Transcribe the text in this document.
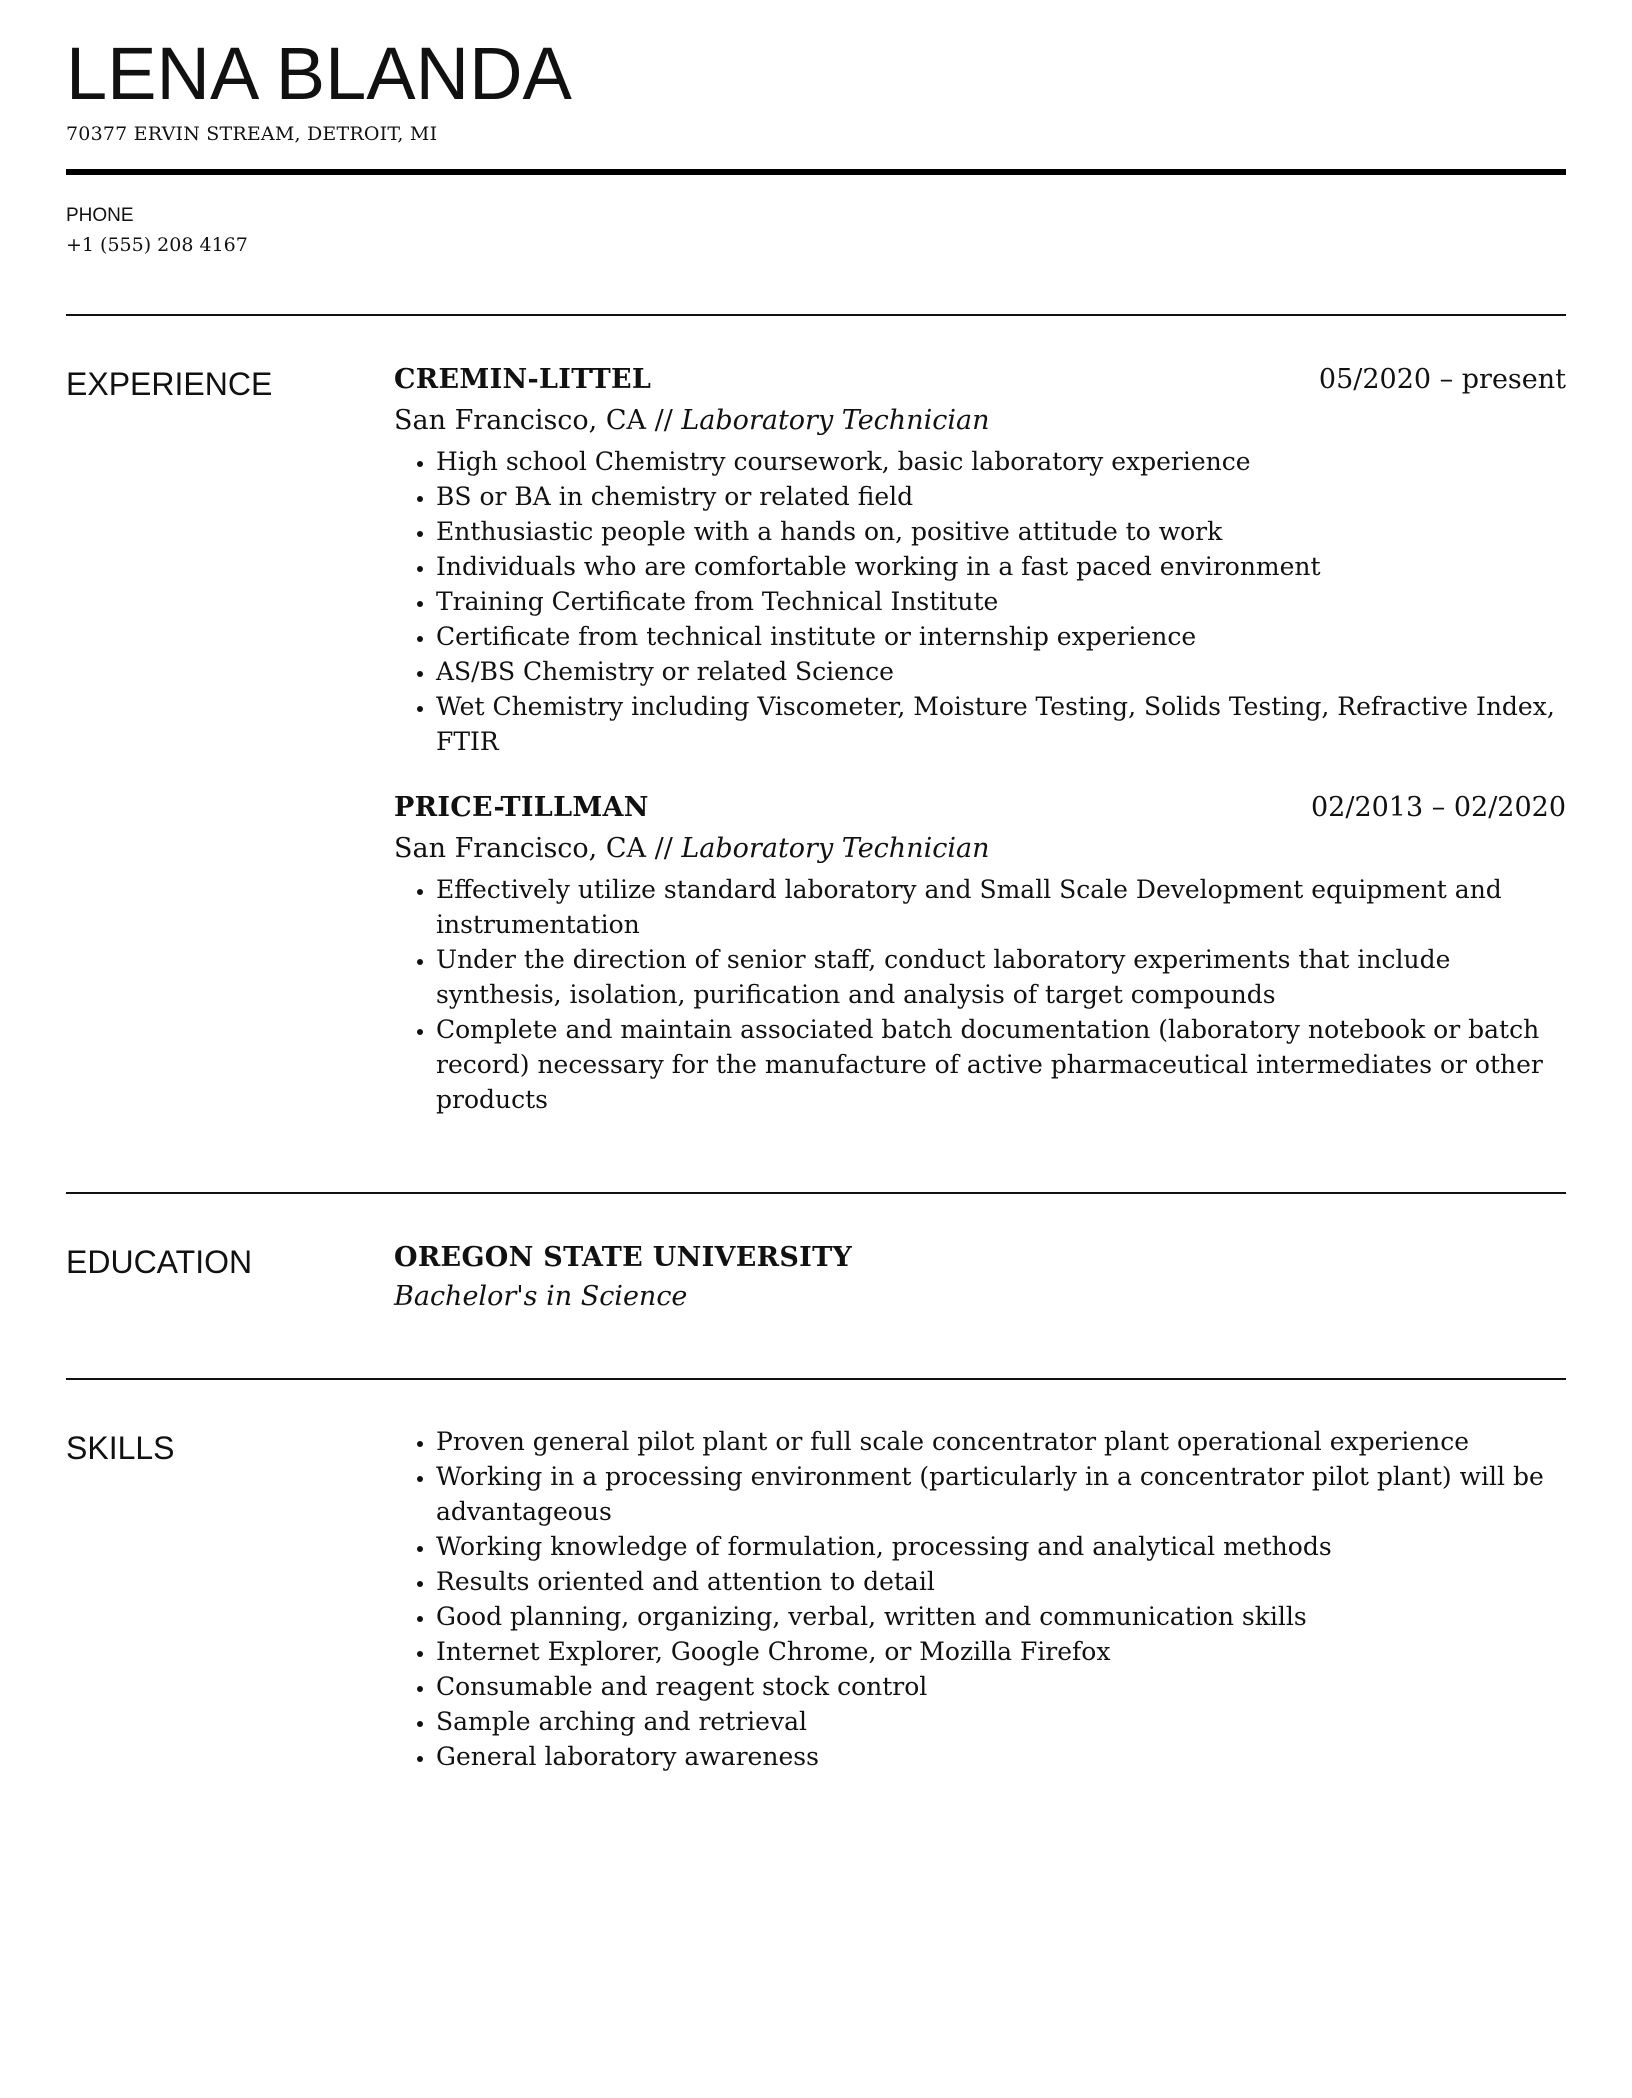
LENA BLANDA
70377 ERVIN STREAM, DETROIT, MI
PHONE
+1 (555) 208 4167
EXPERIENCE	CREMIN-LITTEL	05/2020 – present
San Francisco, CA // Laboratory Technician
• High school Chemistry coursework, basic laboratory experience
• BS or BA in chemistry or related field
• Enthusiastic people with a hands on, positive attitude to work
• Individuals who are comfortable working in a fast paced environment
• Training Certificate from Technical Institute
• Certificate from technical institute or internship experience
• AS/BS Chemistry or related Science
• Wet Chemistry including Viscometer, Moisture Testing, Solids Testing, Refractive Index, FTIR
PRICE-TILLMAN	02/2013 – 02/2020
San Francisco, CA // Laboratory Technician
• Effectively utilize standard laboratory and Small Scale Development equipment and instrumentation
• Under the direction of senior staff, conduct laboratory experiments that include synthesis, isolation, purification and analysis of target compounds
• Complete and maintain associated batch documentation (laboratory notebook or batch record) necessary for the manufacture of active pharmaceutical intermediates or other products
EDUCATION	OREGON STATE UNIVERSITY
Bachelor's in Science
SKILLS
•	Proven general pilot plant or full scale concentrator plant operational experience
• Working in a processing environment (particularly in a concentrator pilot plant) will be advantageous
• Working knowledge of formulation, processing and analytical methods
• Results oriented and attention to detail
• Good planning, organizing, verbal, written and communication skills
• Internet Explorer, Google Chrome, or Mozilla Firefox
• Consumable and reagent stock control
• Sample arching and retrieval
• General laboratory awareness
